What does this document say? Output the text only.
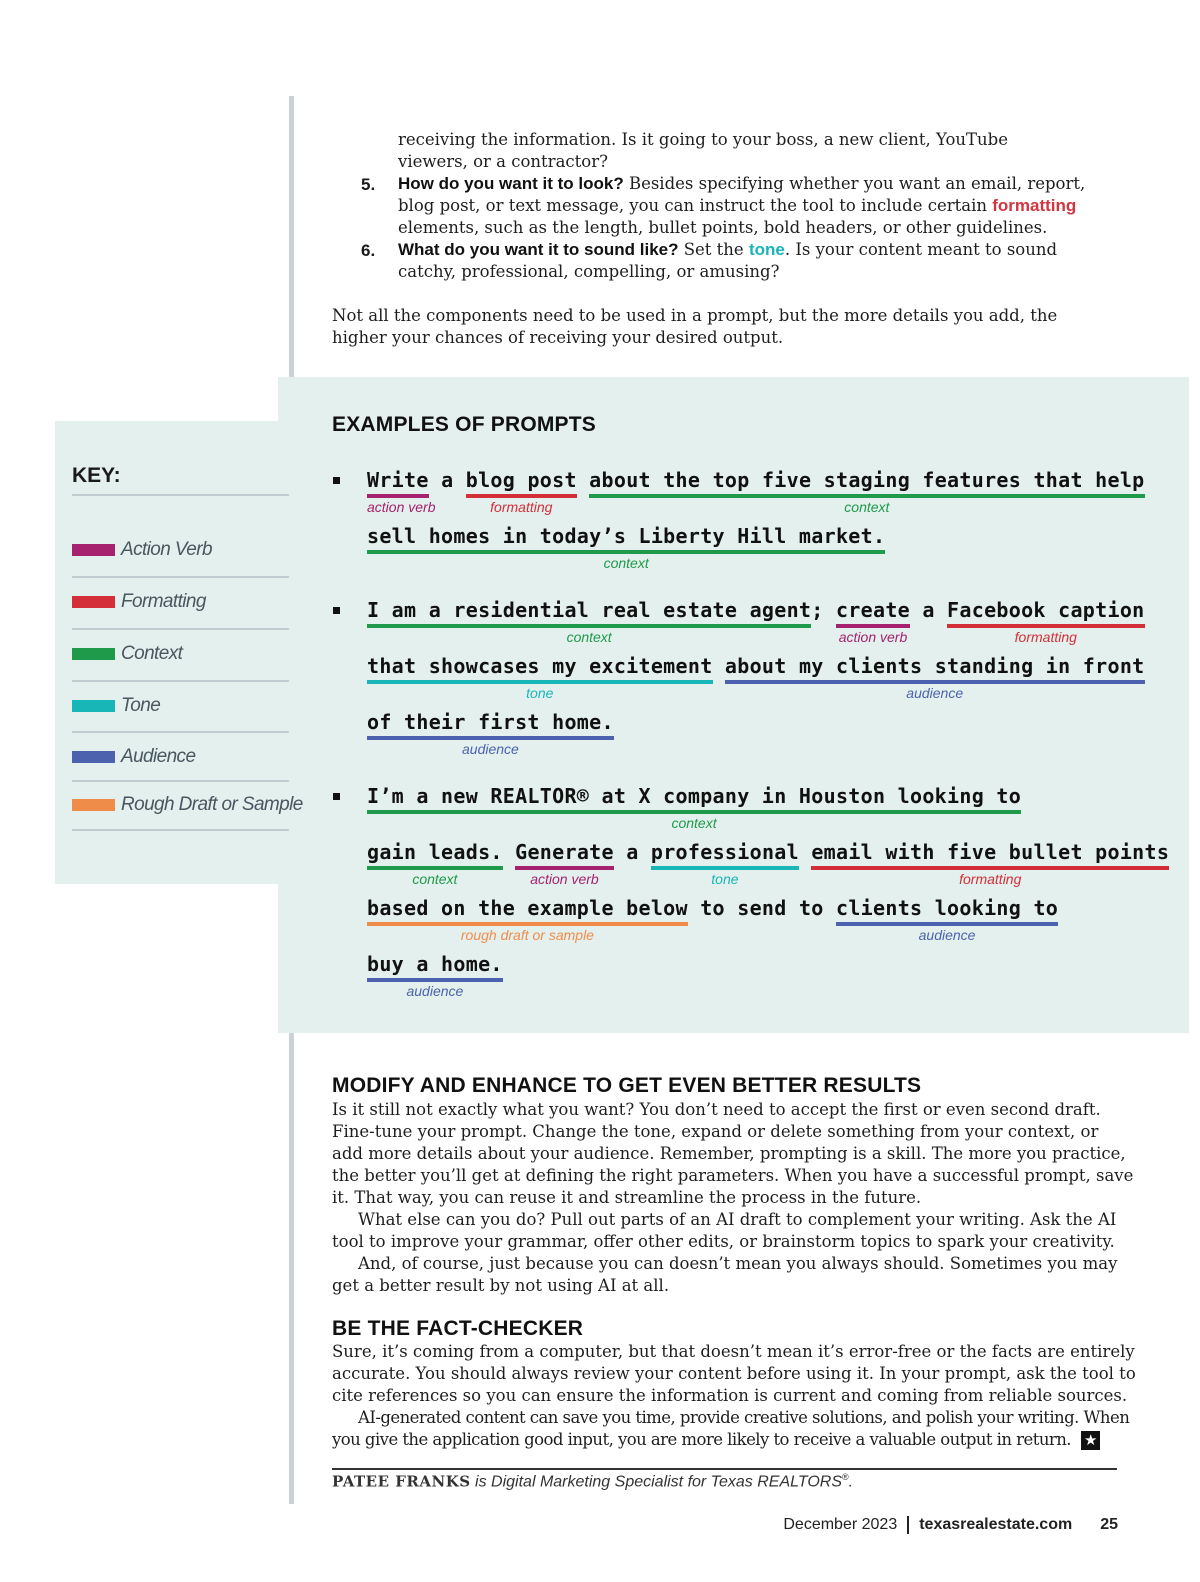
receiving the information. Is it going to your boss, a new client, YouTube
viewers, or a contractor?
5. How do you want it to look? Besides specifying whether you want an email, report,
blog post, or text message, you can instruct the tool to include certain formatting
elements, such as the length, bullet points, bold headers, or other guidelines.
6. What do you want it to sound like? Set the tone. Is your content meant to sound
catchy, professional, compelling, or amusing?
Not all the components need to be used in a prompt, but the more details you add, the
higher your chances of receiving your desired output.
KEY:
Action Verb
Formatting
Context
Tone
Audience
Rough Draft or Sample
EXAMPLES OF PROMPTS
Write
action verb
a blog post
formatting
about the top five staging features that help
context
sell homes in today’s Liberty Hill market.
context
I am a residential real estate agent
context
; create
action verb
a Facebook caption
formatting
that showcases my excitement
tone
about my clients standing in front
audience
of their first home.
audience
I’m a new REALTOR® at X company in Houston looking to
context
gain leads.
context
Generate
action verb
a professional
tone
email with five bullet points
formatting
based on the example below
rough draft or sample
to send to clients looking to
audience
buy a home.
audience
MODIFY AND ENHANCE TO GET EVEN BETTER RESULTS
Is it still not exactly what you want? You don’t need to accept the first or even second draft.
Fine-tune your prompt. Change the tone, expand or delete something from your context, or
add more details about your audience. Remember, prompting is a skill. The more you practice,
the better you’ll get at defining the right parameters. When you have a successful prompt, save
it. That way, you can reuse it and streamline the process in the future.
What else can you do? Pull out parts of an AI draft to complement your writing. Ask the AI
tool to improve your grammar, offer other edits, or brainstorm topics to spark your creativity.
And, of course, just because you can doesn’t mean you always should. Sometimes you may
get a better result by not using AI at all.
BE THE FACT-CHECKER
Sure, it’s coming from a computer, but that doesn’t mean it’s error-free or the facts are entirely
accurate. You should always review your content before using it. In your prompt, ask the tool to
cite references so you can ensure the information is current and coming from reliable sources.
AI-generated content can save you time, provide creative solutions, and polish your writing. When
you give the application good input, you are more likely to receive a valuable output in return. ★
PATEE FRANKS is Digital Marketing Specialist for Texas REALTORS®.
December 2023 texasrealestate.com 25
